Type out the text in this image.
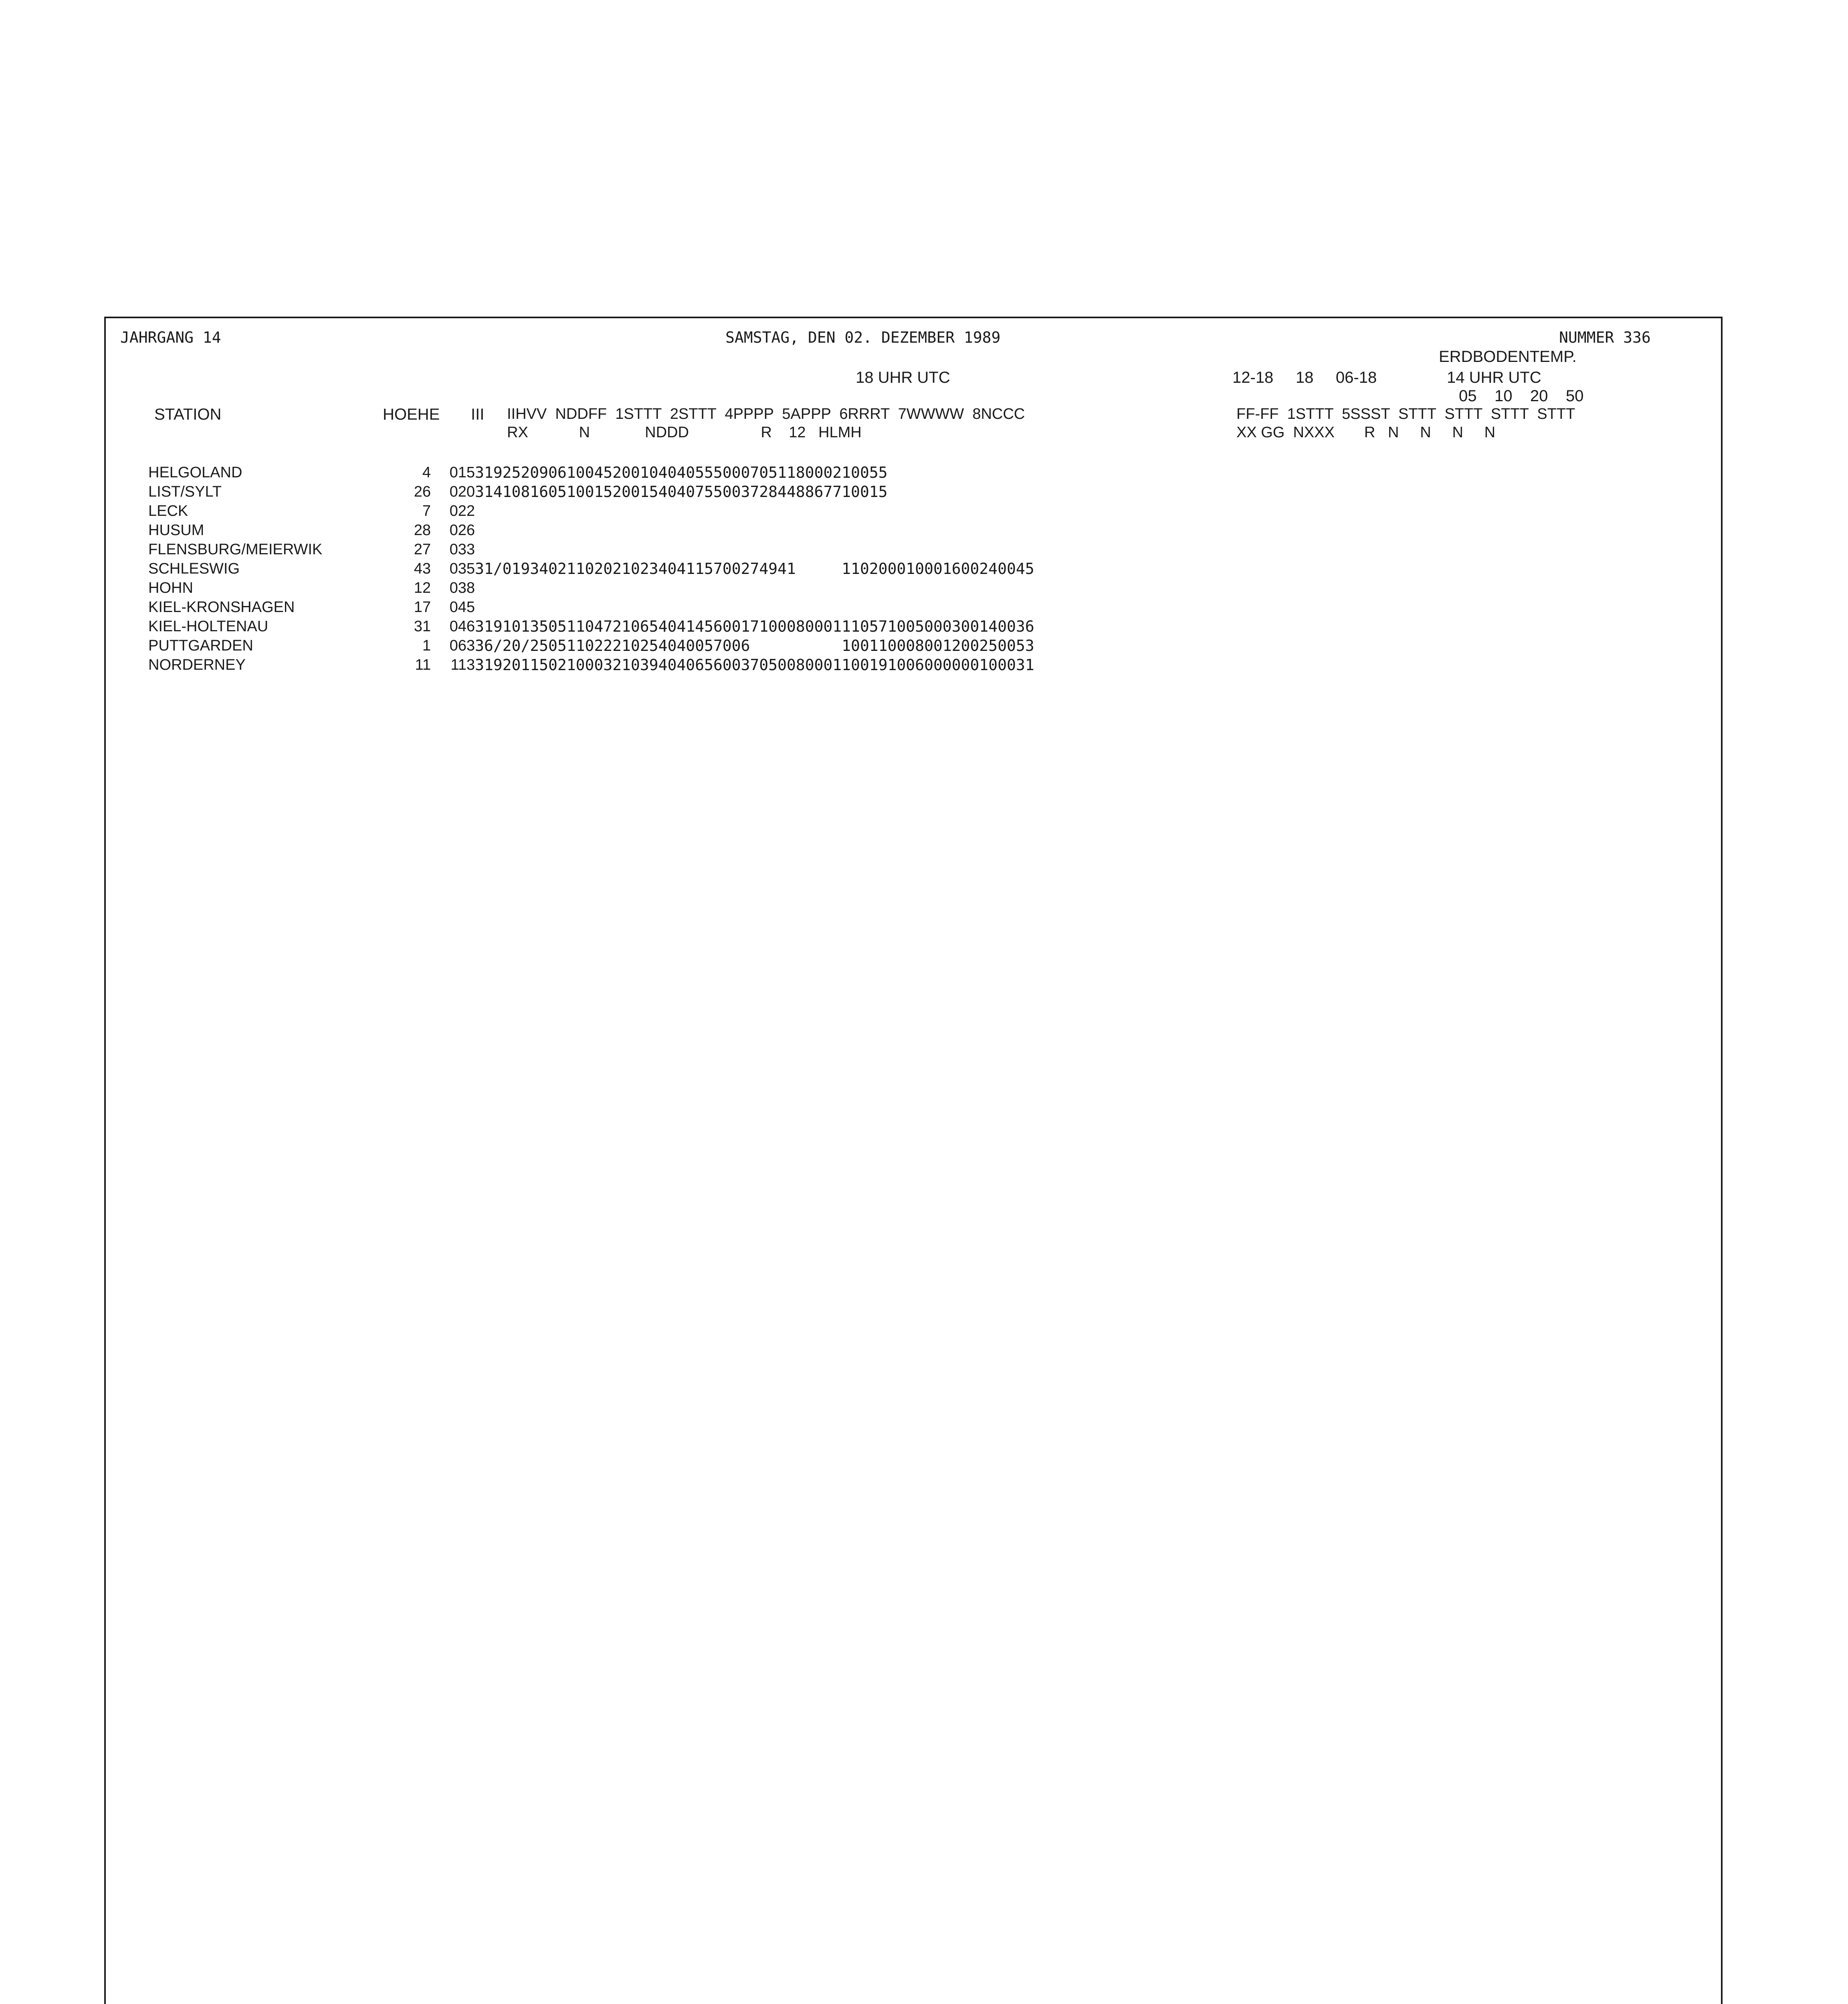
JAHRGANG 14	SAMSTAG, DEN 02. DEZEMBER 1989	NUMMER 336
ERDBODENTEMP.
18 UHR UTC	12-18     18     06-18	14 UHR UTC
05    10    20    50
STATION	HOEHE III IIHVV  NDDFF  1STTT  2STTT  4PPPP  5APPP  6RRRT  7WWWW  8NCCC
RX            N             NDDD                 R    12   HLMH
FF-FF  1STTT  5SSST  STTT  STTT  STTT  STTT
XX GG  NXXX       R   N     N     N     N
HELGOLAND	4	015	31925	20906	10045	20010	40405	55000		70511	80002		10055					
LIST/SYLT	26	020	31410	81605	10015	20015	40407	55003		72844	88677		10015					
LECK	7	022																
HUSUM	28	026																
FLENSBURG/MEIERWIK	27	033																
SCHLESWIG	43	035	31/01	93402	11020	21023	40411	57002		74941			11020		0010	0016	0024	0045
HOHN	12	038																
KIEL-KRONSHAGEN	17	045																
KIEL-HOLTENAU	31	046	31910	13505	11047	21065	40414	56001		71000	80001		11057		1005	0003	0014	0036
PUTTGARDEN	1	063	36/20	/2505	11022	21025	40400	57006					10011		0008	0012	0025	0053
NORDERNEY	11	113	31920	11502	10003	21039	40406	56003		70500	80001		10019		1006	0000	0010	0031
